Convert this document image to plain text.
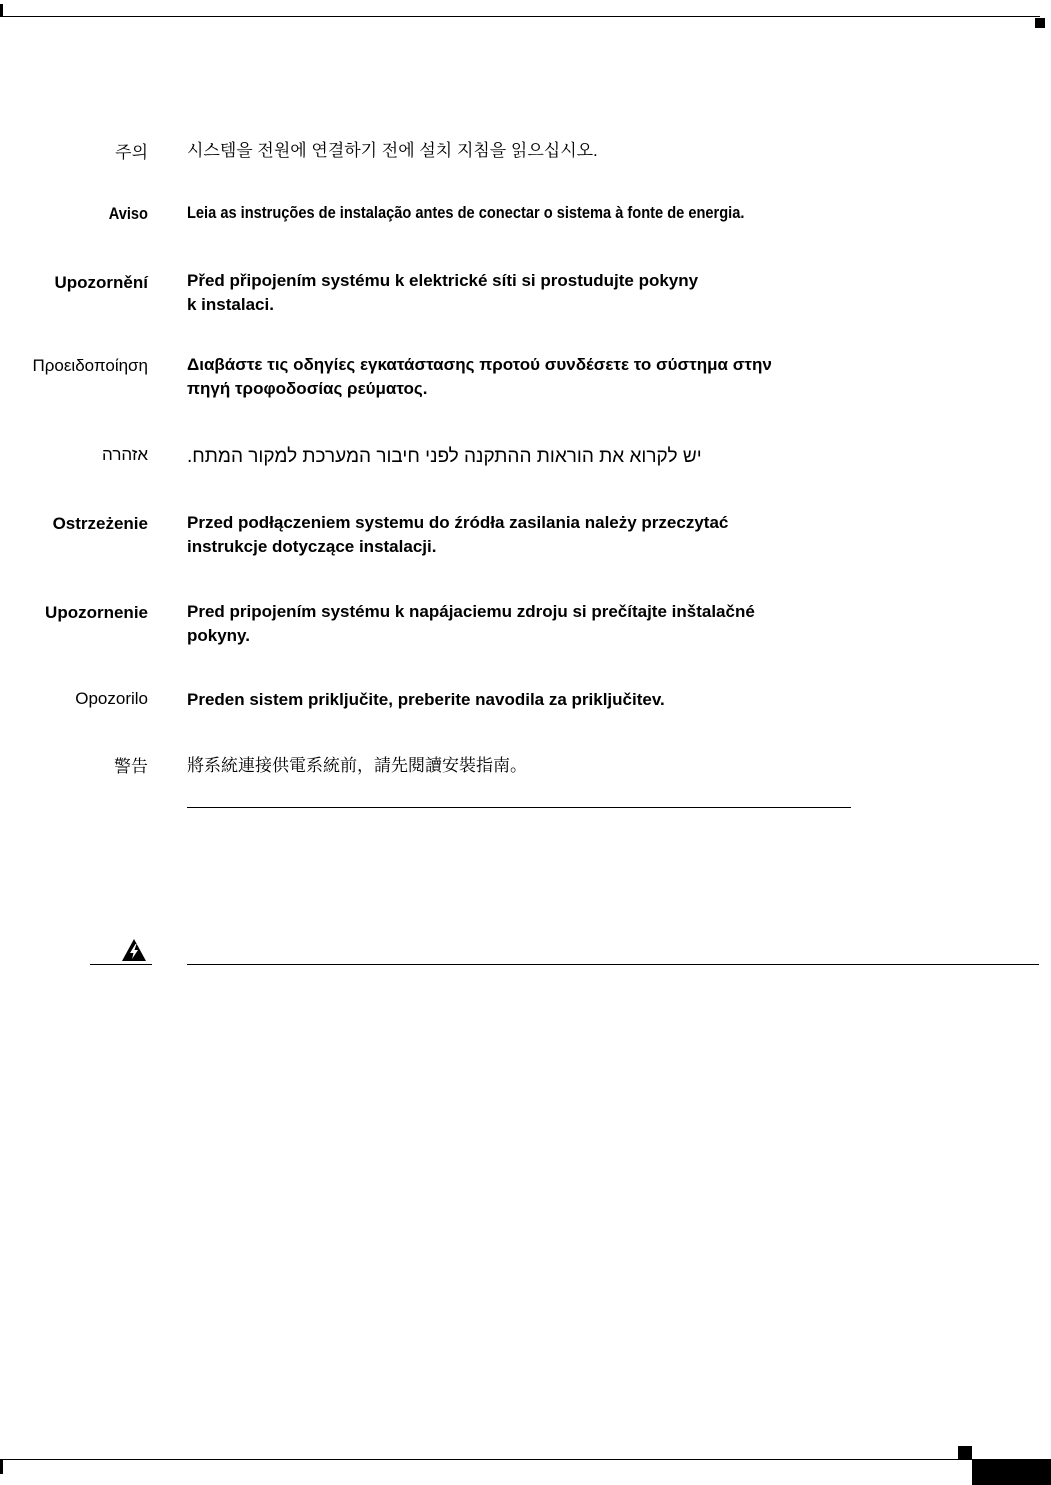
주의 시스템을 전원에 연결하기 전에 설치 지침을 읽으십시오.
Aviso Leia as instruções de instalação antes de conectar o sistema à fonte de energia.
Upozornění Před připojením systému k elektrické síti si prostudujte pokyny
k instalaci.
Προειδοποίηση Διαβάστε τις οδηγίες εγκατάστασης προτού συνδέσετε το σύστημα στην
πηγή τροφοδοσίας ρεύματος.
אזהרה יש לקרוא את הוראות ההתקנה לפני חיבור המערכת למקור המתח.
Ostrzeżenie Przed podłączeniem systemu do źródła zasilania należy przeczytać
instrukcje dotyczące instalacji.
Upozornenie Pred pripojením systému k napájaciemu zdroju si prečítajte inštalačné
pokyny.
Opozorilo Preden sistem priključite, preberite navodila za priključitev.
警告 將系統連接供電系統前，請先閱讀安裝指南。
